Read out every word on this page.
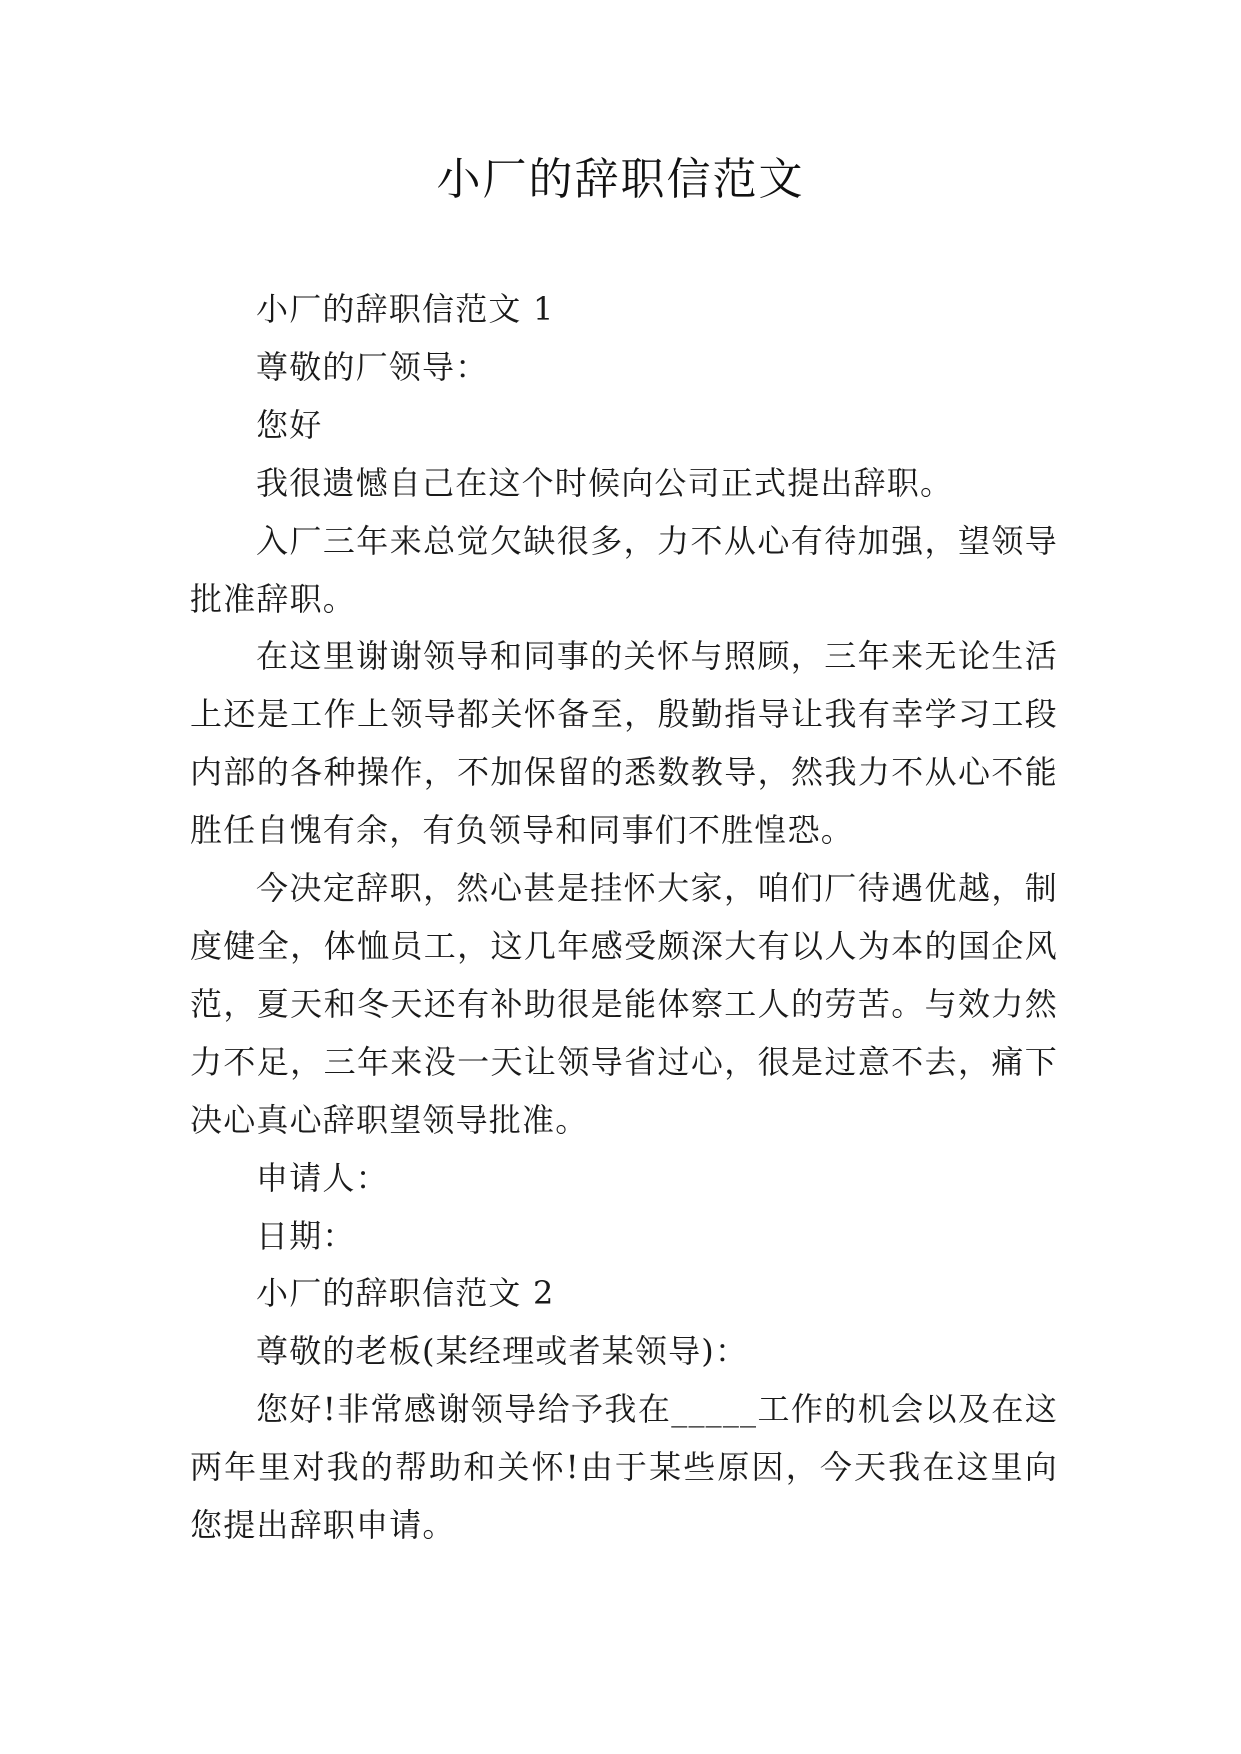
小厂的辞职信范文

小厂的辞职信范文 1

尊敬的厂领导：

您好

我很遗憾自己在这个时候向公司正式提出辞职。

入厂三年来总觉欠缺很多，力不从心有待加强，望领导批准辞职。

在这里谢谢领导和同事的关怀与照顾，三年来无论生活上还是工作上领导都关怀备至，殷勤指导让我有幸学习工段内部的各种操作，不加保留的悉数教导，然我力不从心不能胜任自愧有余，有负领导和同事们不胜惶恐。

今决定辞职，然心甚是挂怀大家，咱们厂待遇优越，制度健全，体恤员工，这几年感受颇深大有以人为本的国企风范，夏天和冬天还有补助很是能体察工人的劳苦。与效力然力不足，三年来没一天让领导省过心，很是过意不去，痛下决心真心辞职望领导批准。

申请人：

日期：

小厂的辞职信范文 2

尊敬的老板(某经理或者某领导)：

您好!非常感谢领导给予我在_____工作的机会以及在这两年里对我的帮助和关怀!由于某些原因，今天我在这里向您提出辞职申请。
